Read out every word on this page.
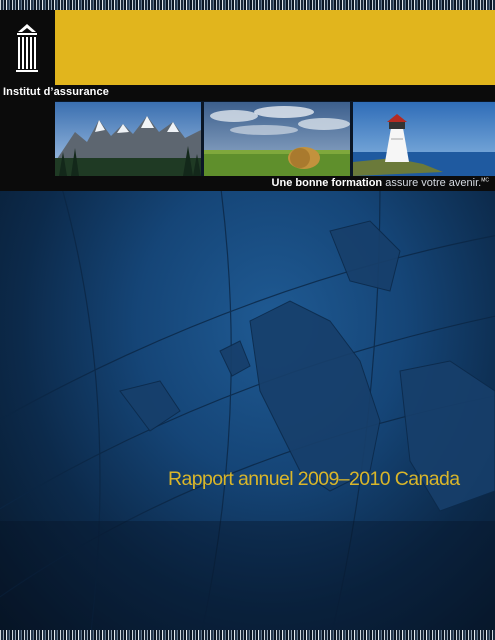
Institut d’assurance
Une bonne formation assure votre avenir.$^{MC}$
Rapport annuel 2009–2010 Canada
